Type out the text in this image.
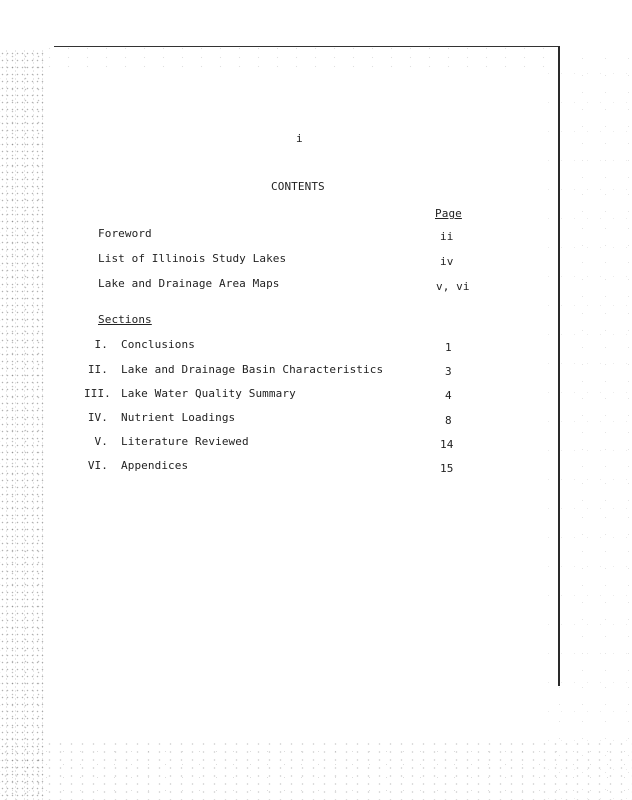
i
CONTENTS
Page
Foreword	ii
List of Illinois Study Lakes	iv
Lake and Drainage Area Maps	v, vi
Sections
I. Conclusions	1
II. Lake and Drainage Basin Characteristics	3
III. Lake Water Quality Summary	4
IV. Nutrient Loadings	8
V. Literature Reviewed	14
VI. Appendices	15
